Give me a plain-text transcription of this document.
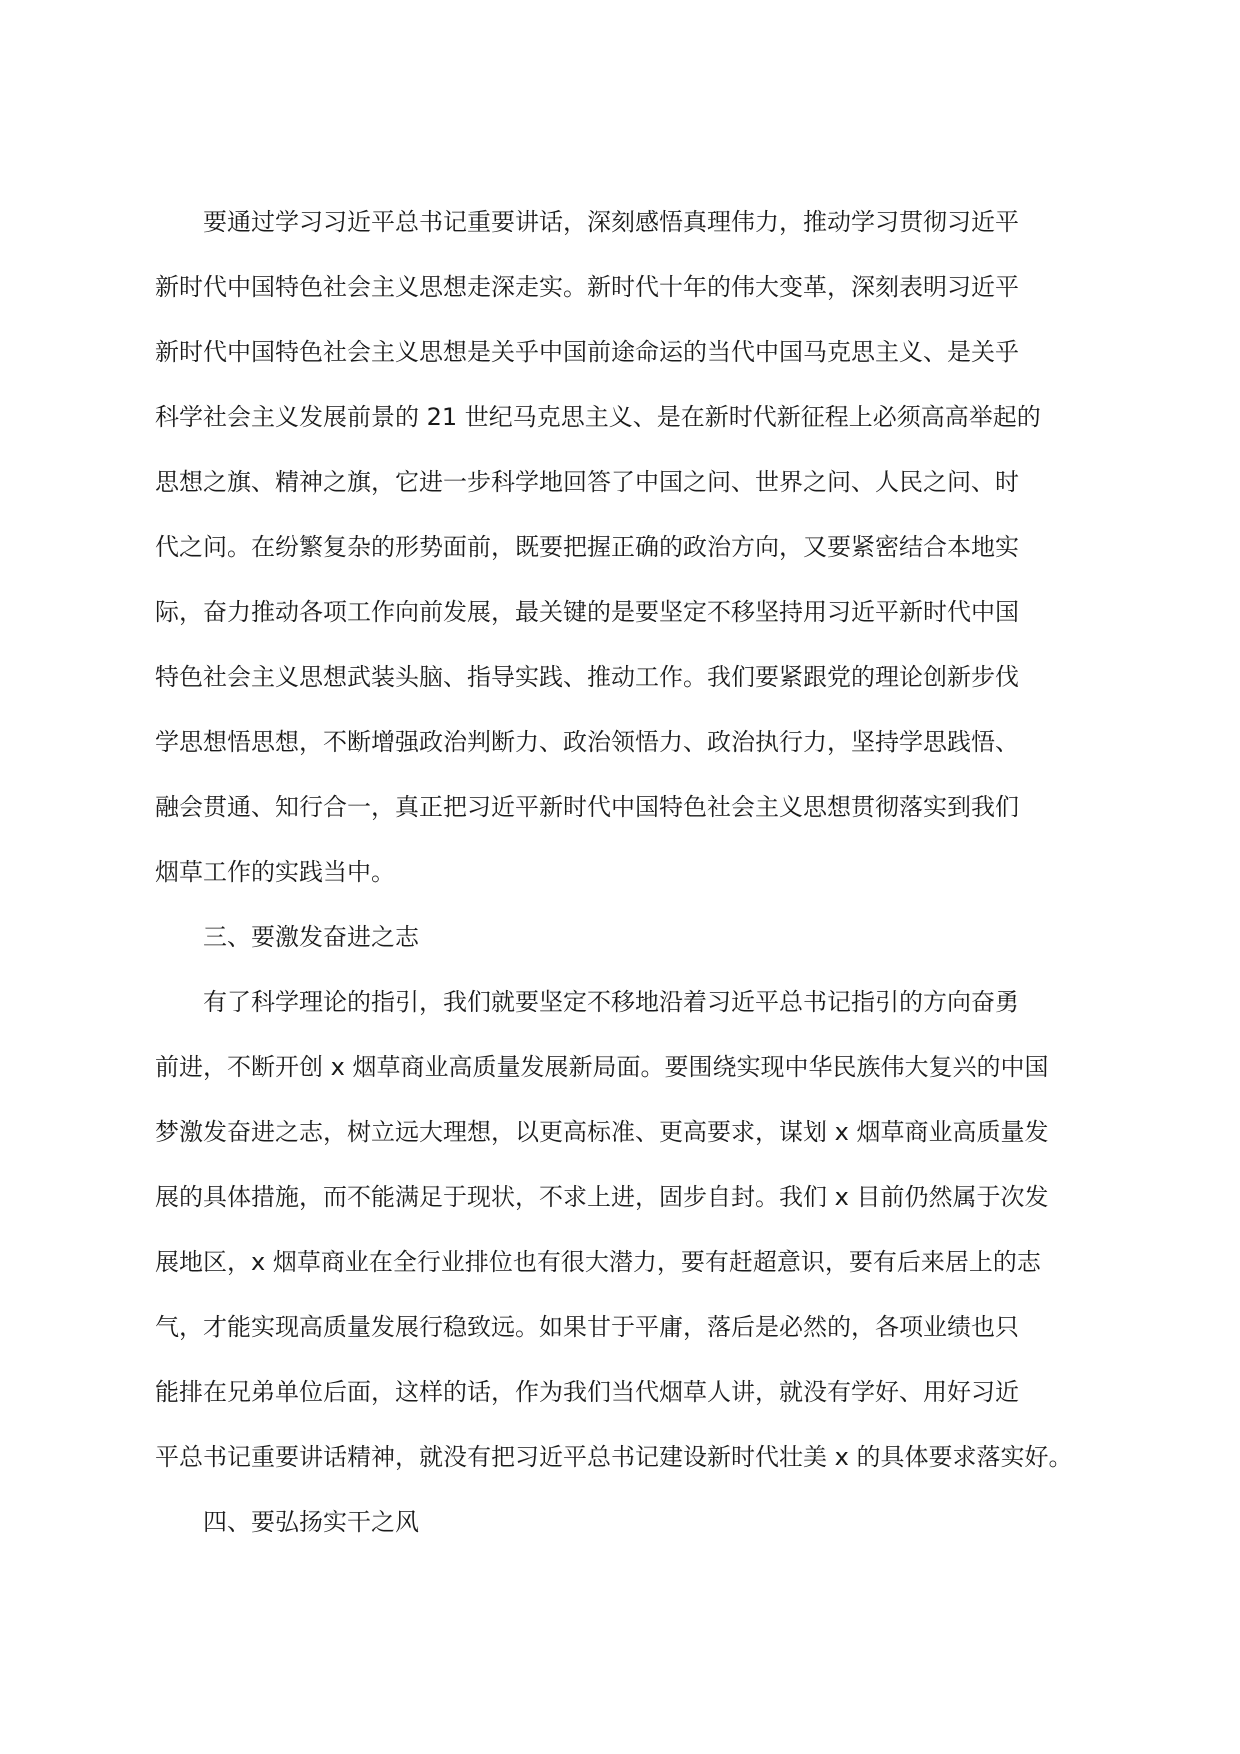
要通过学习习近平总书记重要讲话，深刻感悟真理伟力，推动学习贯彻习近平
新时代中国特色社会主义思想走深走实。新时代十年的伟大变革，深刻表明习近平
新时代中国特色社会主义思想是关乎中国前途命运的当代中国马克思主义、是关乎
科学社会主义发展前景的 21 世纪马克思主义、是在新时代新征程上必须高高举起的
思想之旗、精神之旗，它进一步科学地回答了中国之问、世界之问、人民之问、时
代之问。在纷繁复杂的形势面前，既要把握正确的政治方向，又要紧密结合本地实
际，奋力推动各项工作向前发展，最关键的是要坚定不移坚持用习近平新时代中国
特色社会主义思想武装头脑、指导实践、推动工作。我们要紧跟党的理论创新步伐
学思想悟思想，不断增强政治判断力、政治领悟力、政治执行力，坚持学思践悟、
融会贯通、知行合一，真正把习近平新时代中国特色社会主义思想贯彻落实到我们
烟草工作的实践当中。
三、要激发奋进之志
有了科学理论的指引，我们就要坚定不移地沿着习近平总书记指引的方向奋勇
前进，不断开创 x 烟草商业高质量发展新局面。要围绕实现中华民族伟大复兴的中国
梦激发奋进之志，树立远大理想，以更高标准、更高要求，谋划 x 烟草商业高质量发
展的具体措施，而不能满足于现状，不求上进，固步自封。我们 x 目前仍然属于次发
展地区，x 烟草商业在全行业排位也有很大潜力，要有赶超意识，要有后来居上的志
气，才能实现高质量发展行稳致远。如果甘于平庸，落后是必然的，各项业绩也只
能排在兄弟单位后面，这样的话，作为我们当代烟草人讲，就没有学好、用好习近
平总书记重要讲话精神，就没有把习近平总书记建设新时代壮美 x 的具体要求落实好。
四、要弘扬实干之风
